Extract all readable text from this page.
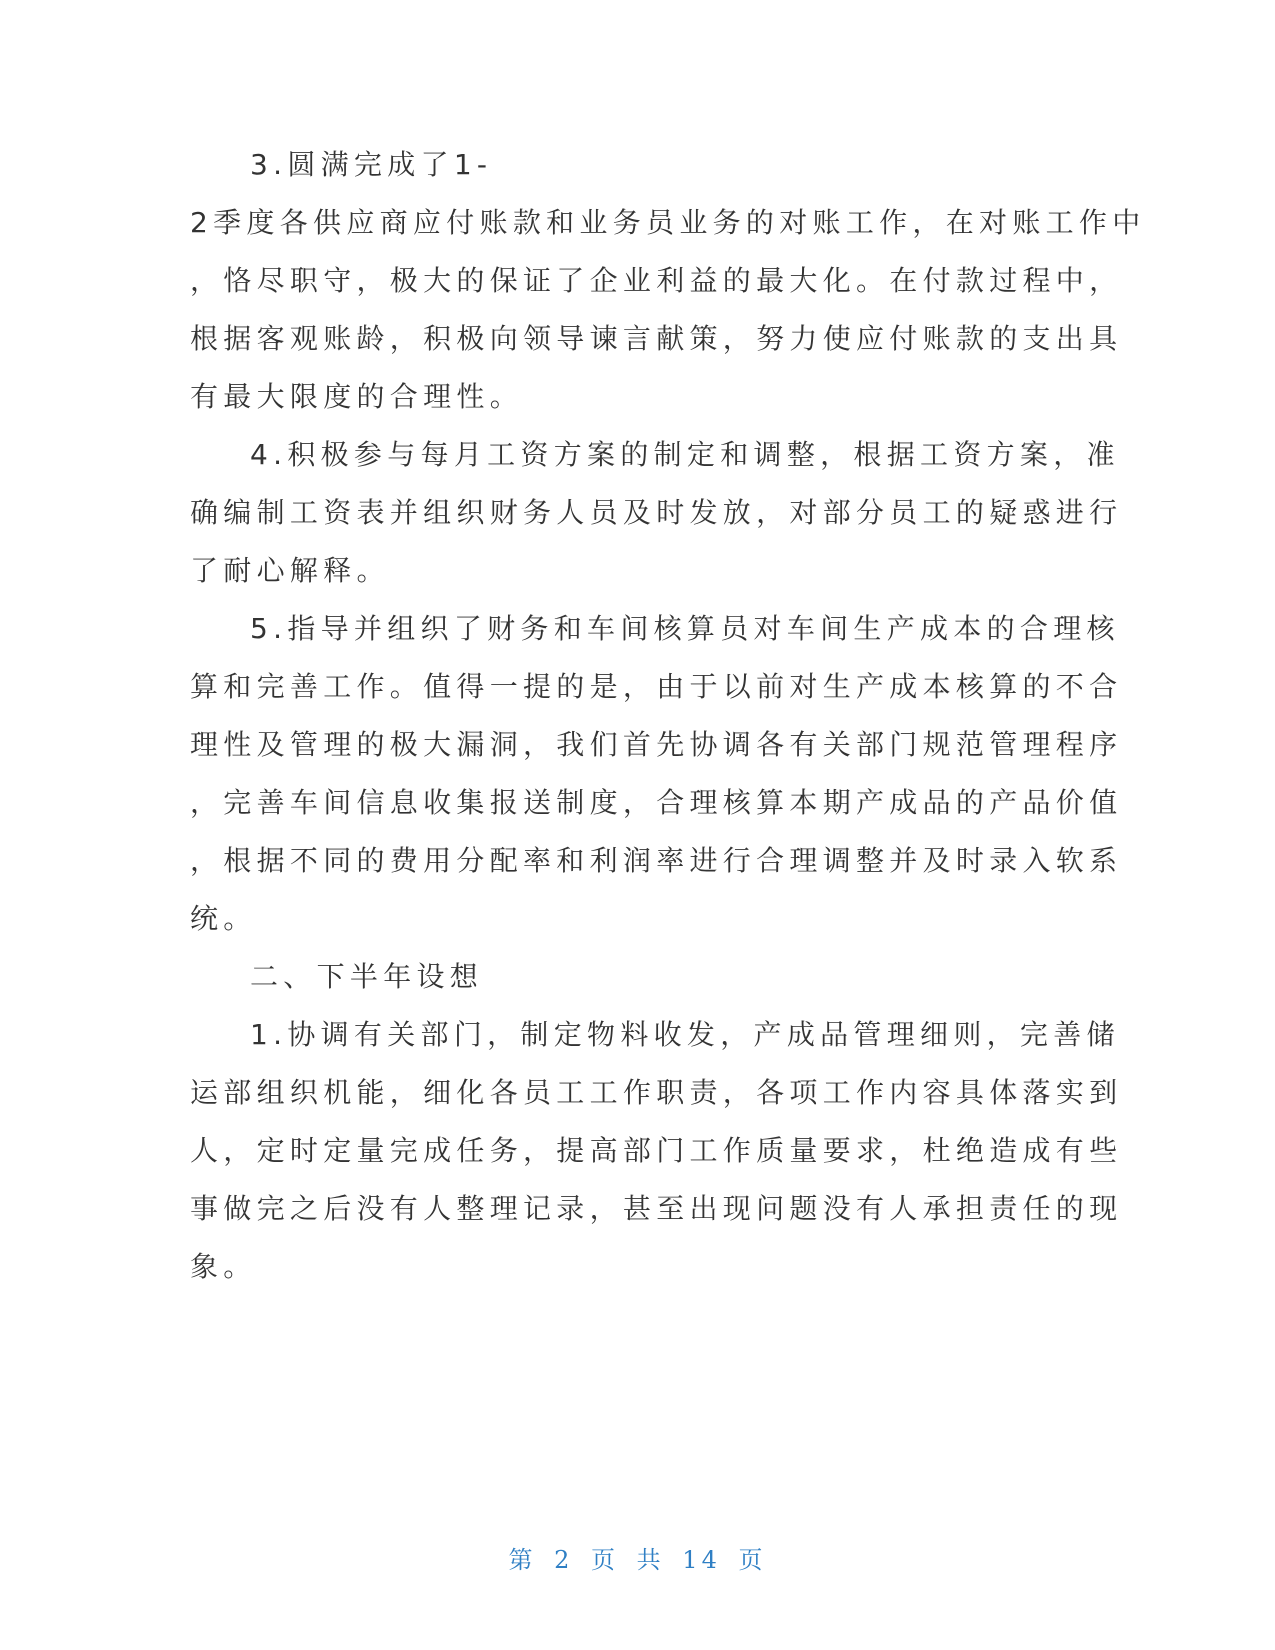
3.圆满完成了1-
2季度各供应商应付账款和业务员业务的对账工作，在对账工作中
，恪尽职守，极大的保证了企业利益的最大化。在付款过程中，
根据客观账龄，积极向领导谏言献策，努力使应付账款的支出具
有最大限度的合理性。
4.积极参与每月工资方案的制定和调整，根据工资方案，准
确编制工资表并组织财务人员及时发放，对部分员工的疑惑进行
了耐心解释。
5.指导并组织了财务和车间核算员对车间生产成本的合理核
算和完善工作。值得一提的是，由于以前对生产成本核算的不合
理性及管理的极大漏洞，我们首先协调各有关部门规范管理程序
，完善车间信息收集报送制度，合理核算本期产成品的产品价值
，根据不同的费用分配率和利润率进行合理调整并及时录入软系
统。
二、下半年设想
1.协调有关部门，制定物料收发，产成品管理细则，完善储
运部组织机能，细化各员工工作职责，各项工作内容具体落实到
人，定时定量完成任务，提高部门工作质量要求，杜绝造成有些
事做完之后没有人整理记录，甚至出现问题没有人承担责任的现
象。
第 2 页 共 14 页
